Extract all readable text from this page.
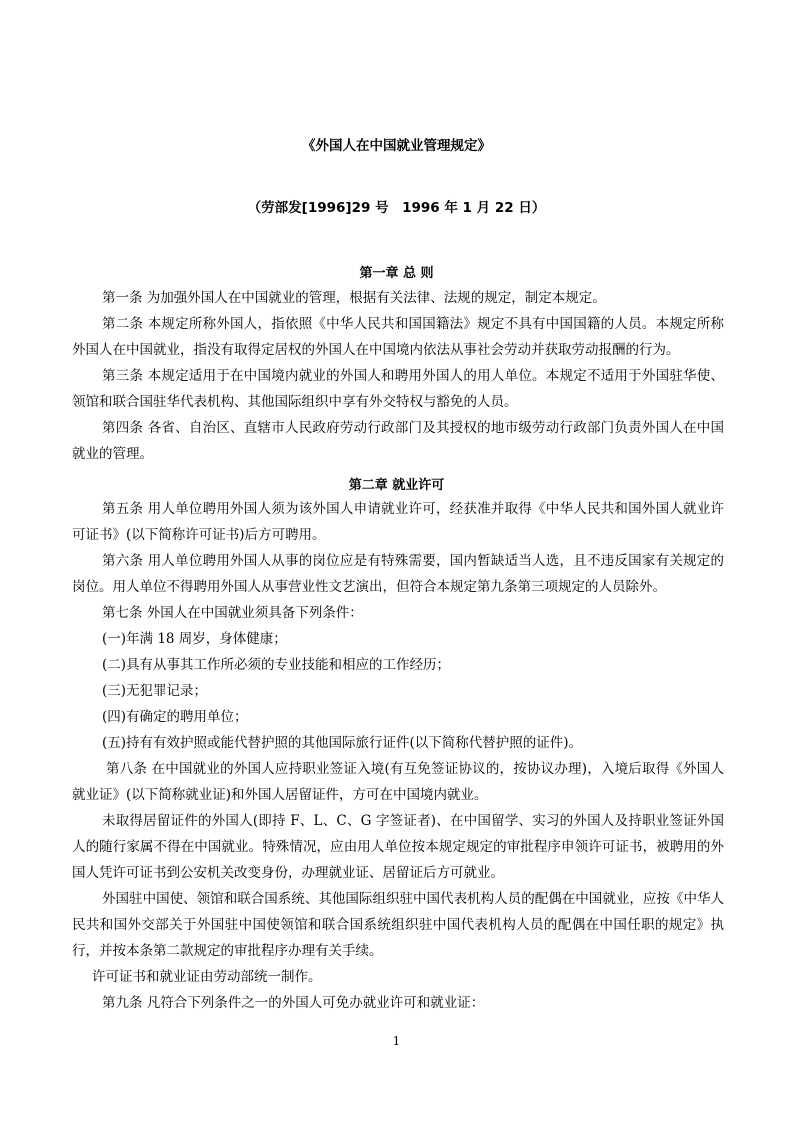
《外国人在中国就业管理规定》
（劳部发[1996]29 号　1996 年 1 月 22 日）
第一章 总 则

第一条 为加强外国人在中国就业的管理，根据有关法律、法规的规定，制定本规定。

第二条 本规定所称外国人，指依照《中华人民共和国国籍法》规定不具有中国国籍的人员。本规定所称外国人在中国就业，指没有取得定居权的外国人在中国境内依法从事社会劳动并获取劳动报酬的行为。

第三条 本规定适用于在中国境内就业的外国人和聘用外国人的用人单位。本规定不适用于外国驻华使、领馆和联合国驻华代表机构、其他国际组织中享有外交特权与豁免的人员。

第四条 各省、自治区、直辖市人民政府劳动行政部门及其授权的地市级劳动行政部门负责外国人在中国就业的管理。

第二章 就业许可

第五条 用人单位聘用外国人须为该外国人申请就业许可，经获准并取得《中华人民共和国外国人就业许可证书》(以下简称许可证书)后方可聘用。

第六条 用人单位聘用外国人从事的岗位应是有特殊需要，国内暂缺适当人选，且不违反国家有关规定的岗位。用人单位不得聘用外国人从事营业性文艺演出，但符合本规定第九条第三项规定的人员除外。

第七条 外国人在中国就业须具备下列条件：

(一)年满 18 周岁，身体健康；

(二)具有从事其工作所必须的专业技能和相应的工作经历；

(三)无犯罪记录；

(四)有确定的聘用单位；

(五)持有有效护照或能代替护照的其他国际旅行证件(以下简称代替护照的证件)。

第八条 在中国就业的外国人应持职业签证入境(有互免签证协议的，按协议办理)，入境后取得《外国人就业证》(以下简称就业证)和外国人居留证件，方可在中国境内就业。

未取得居留证件的外国人(即持 F、L、C、G 字签证者)、在中国留学、实习的外国人及持职业签证外国人的随行家属不得在中国就业。特殊情况，应由用人单位按本规定规定的审批程序申领许可证书，被聘用的外国人凭许可证书到公安机关改变身份，办理就业证、居留证后方可就业。

外国驻中国使、领馆和联合国系统、其他国际组织驻中国代表机构人员的配偶在中国就业，应按《中华人民共和国外交部关于外国驻中国使领馆和联合国系统组织驻中国代表机构人员的配偶在中国任职的规定》执行，并按本条第二款规定的审批程序办理有关手续。

许可证书和就业证由劳动部统一制作。

第九条 凡符合下列条件之一的外国人可免办就业许可和就业证：

1
